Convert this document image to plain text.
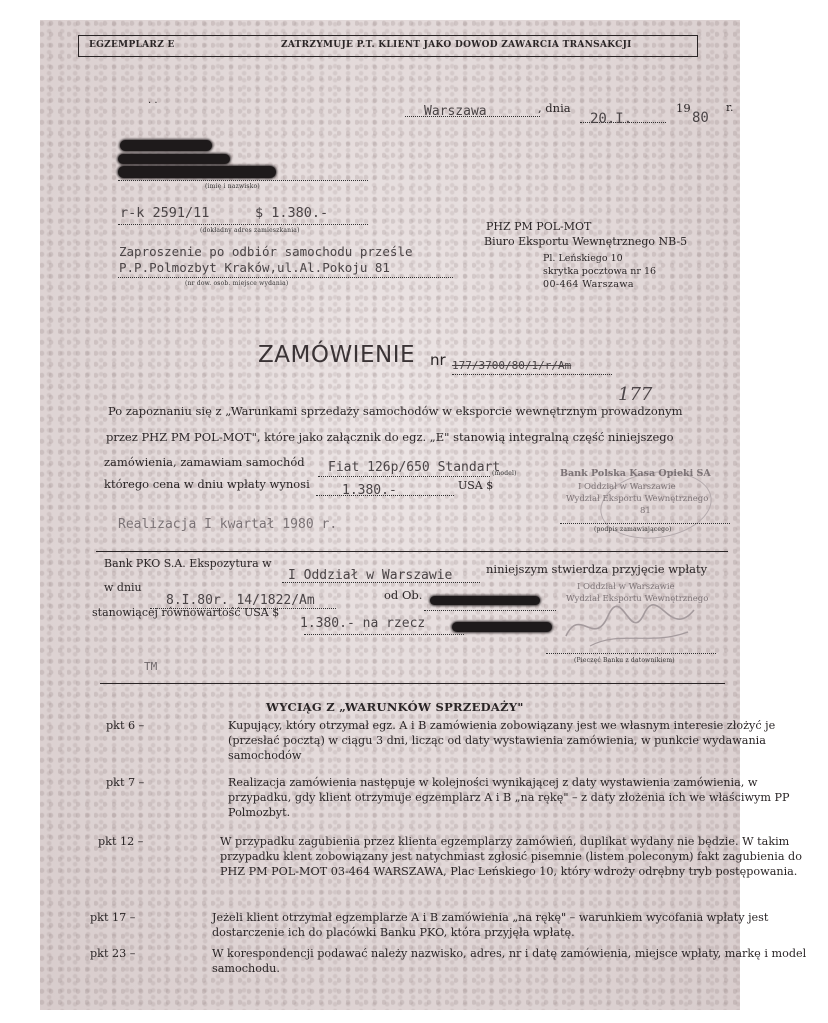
EGZEMPLARZ E	ZATRZYMUJE P.T. KLIENT JAKO DOWOD ZAWARCIA TRANSAKCJI
· ·
Warszawa	, dnia
20.I.
19
80
r.
(imię i nazwisko)
r-k 2591/11	$ 1.380.-
(dokładny adres zamieszkania)
Zaproszenie po odbiór samochodu prześle
P.P.Polmozbyt Kraków,ul.Al.Pokoju 81
(nr dow. osob. miejsce wydania)
PHZ PM POL-MOT
Biuro Eksportu Wewnętrznego NB-5
Pl. Leńskiego 10
skrytka pocztowa nr 16
00-464 Warszawa
ZAMÓWIENIE nr 177/3700/80/1/r/Am
177
Po zapoznaniu się z „Warunkami sprzedaży samochodów w eksporcie wewnętrznym prowadzonym
przez PHZ PM POL-MOT", które jako załącznik do egz. „E" stanowią integralną część niniejszego
zamówienia, zamawiam samochód Fiat 126p/650 Standart
(model)
którego cena w dniu wpłaty wynosi 1.380.-	USA $
Bank Polska Kasa Opieki SA
I Oddział w Warszawie
Wydział Eksportu Wewnętrznego
81
(podpis zamawiającego)
Realizacja I kwartał 1980 r.
Bank PKO S.A. Ekspozytura w
I Oddział w Warszawie	niniejszym stwierdza przyjęcie wpłaty
w dniu
8.I.80r. 14/1822/Am	od Ob.
stanowiącej równowartość USA $
1.380.- na rzecz
I Oddział w Warszawie
Wydział Eksportu Wewnętrznego
(Pieczęć Banku z datownikiem)
TM
WYCIĄG Z „WARUNKÓW SPRZEDAŻY"
pkt 6 –	Kupujący, który otrzymał egz. A i B zamówienia zobowiązany jest we własnym interesie złożyć je (przesłać pocztą) w ciągu 3 dni, licząc od daty wystawienia zamówienia, w punkcie wydawania samochodów
pkt 7 –	Realizacja zamówienia następuje w kolejności wynikającej z daty wystawienia zamówienia, w przypadku, gdy klient otrzymuje egzemplarz A i B „na rękę" – z daty złożenia ich we właściwym PP Polmozbyt.
pkt 12 –	W przypadku zagubienia przez klienta egzemplarzy zamówień, duplikat wydany nie będzie. W takim przypadku klent zobowiązany jest natychmiast zgłosić pisemnie (listem poleconym) fakt zagubienia do PHZ PM POL-MOT 03-464 WARSZAWA, Plac Leńskiego 10, który wdroży odrębny tryb postępowania.
pkt 17 –	Jeżeli klient otrzymał egzemplarze A i B zamówienia „na rękę" – warunkiem wycofania wpłaty jest dostarczenie ich do placówki Banku PKO, która przyjęła wpłatę.
pkt 23 –	W korespondencji podawać należy nazwisko, adres, nr i datę zamówienia, miejsce wpłaty, markę i model samochodu.
